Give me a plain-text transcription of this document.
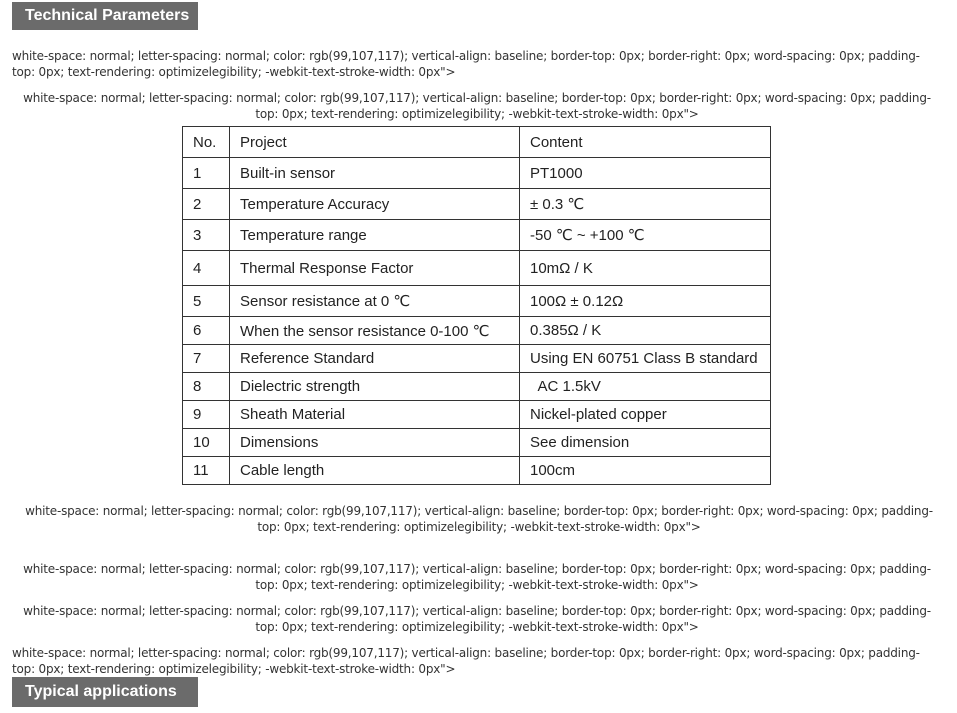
Technical Parameters
white-space: normal; letter-spacing: normal; color: rgb(99,107,117); vertical-align: baseline; border-top: 0px; border-right: 0px; word-spacing: 0px; padding-top: 0px; text-rendering: optimizelegibility; -webkit-text-stroke-width: 0px">
white-space: normal; letter-spacing: normal; color: rgb(99,107,117); vertical-align: baseline; border-top: 0px; border-right: 0px; word-spacing: 0px; padding-top: 0px; text-rendering: optimizelegibility; -webkit-text-stroke-width: 0px">
No.	Project	Content
1	Built-in sensor	PT1000
2	Temperature Accuracy	± 0.3 ℃
3	Temperature range	-50 ℃ ~ +100 ℃
4	Thermal Response Factor	10mΩ / K
5	Sensor resistance at 0 ℃	100Ω ± 0.12Ω
6	When the sensor resistance 0-100 ℃	0.385Ω / K
7	Reference Standard	Using EN 60751 Class B standard
8	Dielectric strength	AC 1.5kV
9	Sheath Material	Nickel-plated copper
10	Dimensions	See dimension
11	Cable length	100cm
white-space: normal; letter-spacing: normal; color: rgb(99,107,117); vertical-align: baseline; border-top: 0px; border-right: 0px; word-spacing: 0px; padding-top: 0px; text-rendering: optimizelegibility; -webkit-text-stroke-width: 0px">
white-space: normal; letter-spacing: normal; color: rgb(99,107,117); vertical-align: baseline; border-top: 0px; border-right: 0px; word-spacing: 0px; padding-top: 0px; text-rendering: optimizelegibility; -webkit-text-stroke-width: 0px">
white-space: normal; letter-spacing: normal; color: rgb(99,107,117); vertical-align: baseline; border-top: 0px; border-right: 0px; word-spacing: 0px; padding-top: 0px; text-rendering: optimizelegibility; -webkit-text-stroke-width: 0px">
white-space: normal; letter-spacing: normal; color: rgb(99,107,117); vertical-align: baseline; border-top: 0px; border-right: 0px; word-spacing: 0px; padding-top: 0px; text-rendering: optimizelegibility; -webkit-text-stroke-width: 0px">
Typical applications
